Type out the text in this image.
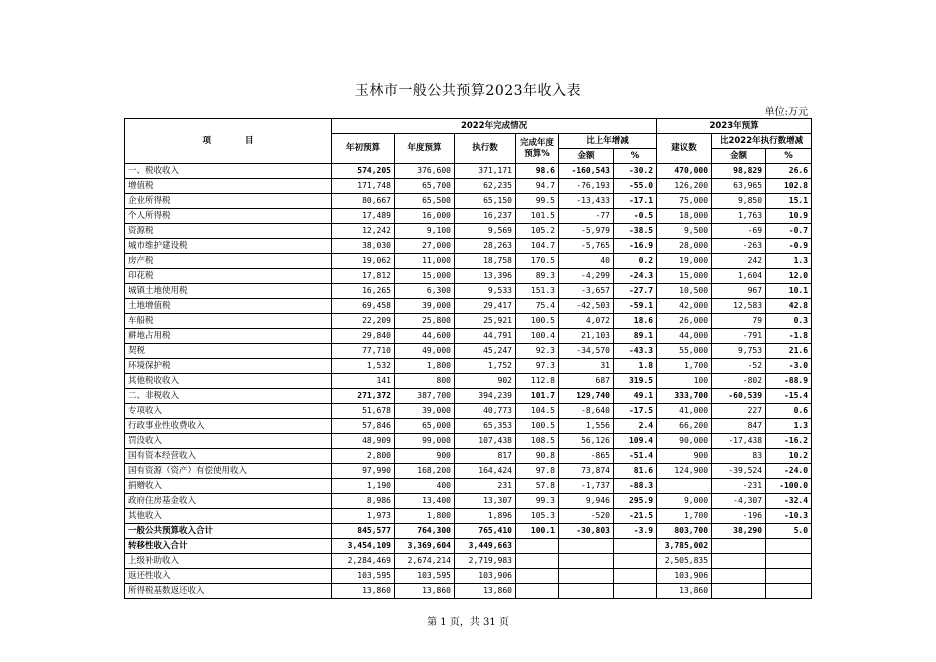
玉林市一般公共预算2023年收入表
单位:万元
项　　　　目	2022年完成情况						2023年预算		
	年初预算	年度预算	执行数	完成年度预算%	比上年增减		建议数	比2022年执行数增减	
					金额	%		金额	%
一、税收收入	574,205	376,600	371,171	98.6	-160,543	-30.2	470,000	98,829	26.6
增值税	171,748	65,700	62,235	94.7	-76,193	-55.0	126,200	63,965	102.8
企业所得税	80,667	65,500	65,150	99.5	-13,433	-17.1	75,000	9,850	15.1
个人所得税	17,489	16,000	16,237	101.5	-77	-0.5	18,000	1,763	10.9
资源税	12,242	9,100	9,569	105.2	-5,979	-38.5	9,500	-69	-0.7
城市维护建设税	38,030	27,000	28,263	104.7	-5,765	-16.9	28,000	-263	-0.9
房产税	19,062	11,000	18,758	170.5	40	0.2	19,000	242	1.3
印花税	17,812	15,000	13,396	89.3	-4,299	-24.3	15,000	1,604	12.0
城镇土地使用税	16,265	6,300	9,533	151.3	-3,657	-27.7	10,500	967	10.1
土地增值税	69,458	39,000	29,417	75.4	-42,503	-59.1	42,000	12,583	42.8
车船税	22,209	25,800	25,921	100.5	4,072	18.6	26,000	79	0.3
耕地占用税	29,840	44,600	44,791	100.4	21,103	89.1	44,000	-791	-1.8
契税	77,710	49,000	45,247	92.3	-34,570	-43.3	55,000	9,753	21.6
环境保护税	1,532	1,800	1,752	97.3	31	1.8	1,700	-52	-3.0
其他税收收入	141	800	902	112.8	687	319.5	100	-802	-88.9
二、非税收入	271,372	387,700	394,239	101.7	129,740	49.1	333,700	-60,539	-15.4
专项收入	51,678	39,000	40,773	104.5	-8,640	-17.5	41,000	227	0.6
行政事业性收费收入	57,846	65,000	65,353	100.5	1,556	2.4	66,200	847	1.3
罚没收入	48,909	99,000	107,438	108.5	56,126	109.4	90,000	-17,438	-16.2
国有资本经营收入	2,800	900	817	90.8	-865	-51.4	900	83	10.2
国有资源（资产）有偿使用收入	97,990	168,200	164,424	97.8	73,874	81.6	124,900	-39,524	-24.0
捐赠收入	1,190	400	231	57.8	-1,737	-88.3		-231	-100.0
政府住房基金收入	8,986	13,400	13,307	99.3	9,946	295.9	9,000	-4,307	-32.4
其他收入	1,973	1,800	1,896	105.3	-520	-21.5	1,700	-196	-10.3
一般公共预算收入合计	845,577	764,300	765,410	100.1	-30,803	-3.9	803,700	38,290	5.0
转移性收入合计	3,454,109	3,369,604	3,449,663				3,785,002		
上级补助收入	2,284,469	2,674,214	2,719,983				2,505,835		
返还性收入	103,595	103,595	103,906				103,906		
所得税基数返还收入	13,860	13,860	13,860				13,860		
第 1 页，共 31 页
